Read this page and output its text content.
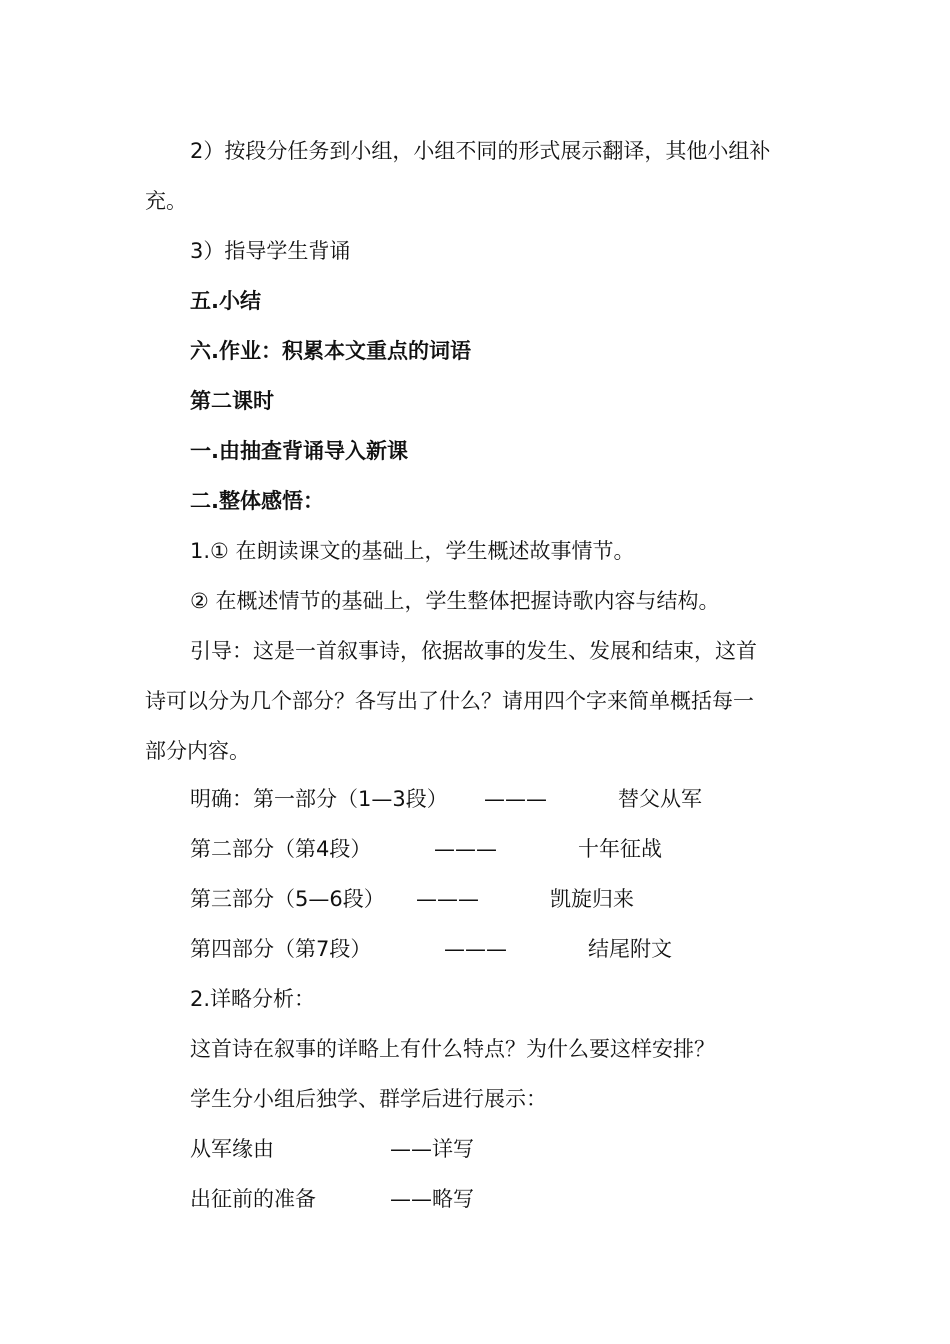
2）按段分任务到小组，小组不同的形式展示翻译，其他小组补
充。
3）指导学生背诵
五.小结
六.作业：积累本文重点的词语
第二课时
一.由抽查背诵导入新课
二.整体感悟：
1.① 在朗读课文的基础上，学生概述故事情节。
② 在概述情节的基础上，学生整体把握诗歌内容与结构。
引导：这是一首叙事诗，依据故事的发生、发展和结束，这首
诗可以分为几个部分？各写出了什么？请用四个字来简单概括每一
部分内容。
明确：第一部分（1—3段） ———	替父从军
第二部分（第4段）	———	十年征战
第三部分（5—6段） ———	凯旋归来
第四部分（第7段）	———	结尾附文
2.详略分析：
这首诗在叙事的详略上有什么特点？为什么要这样安排？
学生分小组后独学、群学后进行展示：
从军缘由	——详写
出征前的准备	——略写
